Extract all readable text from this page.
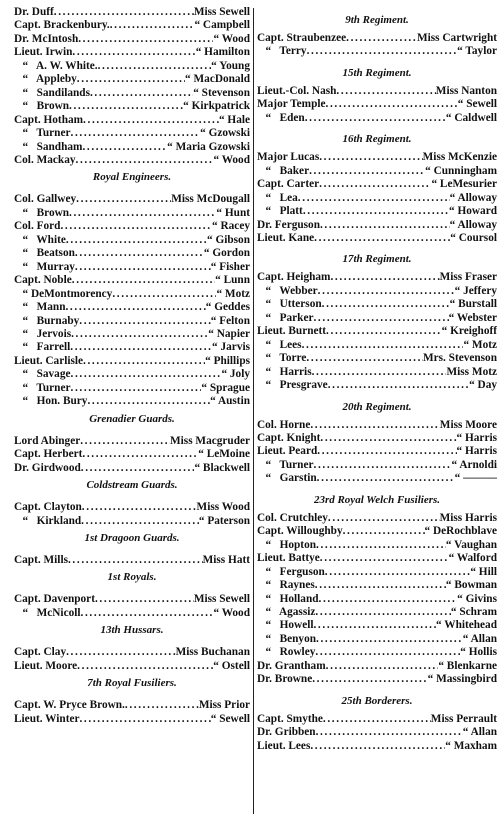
Dr. Duff . . .	Miss Sewell
Capt. Brackenbury. . . .	“ Campbell
Dr. McIntosh . . .	“ Wood
Lieut. Irwin . . .	“ Hamilton
“   A. W. White. . . .	“ Young
“   Appleby . . .	“ MacDonald
“   Sandilands . . .	“ Stevenson
“   Brown . . .	“ Kirkpatrick
Capt. Hotham . . .	“ Hale
“   Turner . . .	“ Gzowski
“   Sandham . . .	“ Maria Gzowski
Col. Mackay . . .	“ Wood
Royal Engineers.
Col. Gallwey . . .	Miss McDougall
“   Brown . . .	“ Hunt
Col. Ford . . .	“ Racey
“   White . . .	“ Gibson
“   Beatson . . .	“ Gordon
“   Murray . . .	“ Fisher
Capt. Noble . . .	“ Lunn
“ DeMontmorency . . .	“ Motz
“   Mann . . .	“ Geddes
“   Burnaby . . .	“ Felton
“   Jervois . . .	“ Napier
“   Farrell . . .	“ Jarvis
Lieut. Carlisle . . .	“ Phillips
“   Savage . . .	“ Joly
“   Turner . . .	“ Sprague
“   Hon. Bury . . .	“ Austin
Grenadier Guards.
Lord Abinger . . .	Miss Macgruder
Capt. Herbert . . .	“ LeMoine
Dr. Girdwood . . .	“ Blackwell
Coldstream Guards.
Capt. Clayton . . .	Miss Wood
“   Kirkland . . .	“ Paterson
1st Dragoon Guards.
Capt. Mills . . .	Miss Hatt
1st Royals.
Capt. Davenport . . .	Miss Sewell
“   McNicoll . . .	“ Wood
13th Hussars.
Capt. Clay . . .	Miss Buchanan
Lieut. Moore . . .	“ Ostell
7th Royal Fusiliers.
Capt. W. Pryce Brown. . . .	Miss Prior
Lieut. Winter . . .	“ Sewell
9th Regiment.
Capt. Straubenzee . . .	Miss Cartwright
“   Terry . . .	“ Taylor
15th Regiment.
Lieut.-Col. Nash . . .	Miss Nanton
Major Temple . . .	“ Sewell
“   Eden . . .	“ Caldwell
16th Regiment.
Major Lucas . . .	Miss McKenzie
“   Baker . . .	“ Cunningham
Capt. Carter . . .	“ LeMesurier
“   Lea . . .	“ Alloway
“   Platt . . .	“ Howard
Dr. Ferguson . . .	“ Alloway
Lieut. Kane . . .	“ Coursol
17th Regiment.
Capt. Heigham . . .	Miss Fraser
“   Webber . . .	“ Jeffery
“   Utterson . . .	“ Burstall
“   Parker . . .	“ Webster
Lieut. Burnett . . .	“ Kreighoff
“   Lees . . .	“ Motz
“   Torre . . .	Mrs. Stevenson
“   Harris . . .	Miss Motz
“   Presgrave . . .	“ Day
20th Regiment.
Col. Horne . . .	Miss Moore
Capt. Knight . . .	“ Harris
Lieut. Peard . . .	“ Harris
“   Turner . . .	“ Arnoldi
“   Garstin . . .	“ ———
23rd Royal Welch Fusiliers.
Col. Crutchley . . .	Miss Harris
Capt. Willoughby . . .	“ DeRochblave
“   Hopton . . .	“ Vaughan
Lieut. Battye . . .	“ Walford
“   Ferguson . . .	“ Hill
“   Raynes . . .	“ Bowman
“   Holland . . .	“ Givins
“   Agassiz . . .	“ Schram
“   Howell . . .	“ Whitehead
“   Benyon . . .	“ Allan
“   Rowley . . .	“ Hollis
Dr. Grantham . . .	“ Blenkarne
Dr. Browne . . .	“ Massingbird
25th Borderers.
Capt. Smythe . . .	Miss Perrault
Dr. Gribben . . .	“ Allan
Lieut. Lees . . .	“ Maxham
